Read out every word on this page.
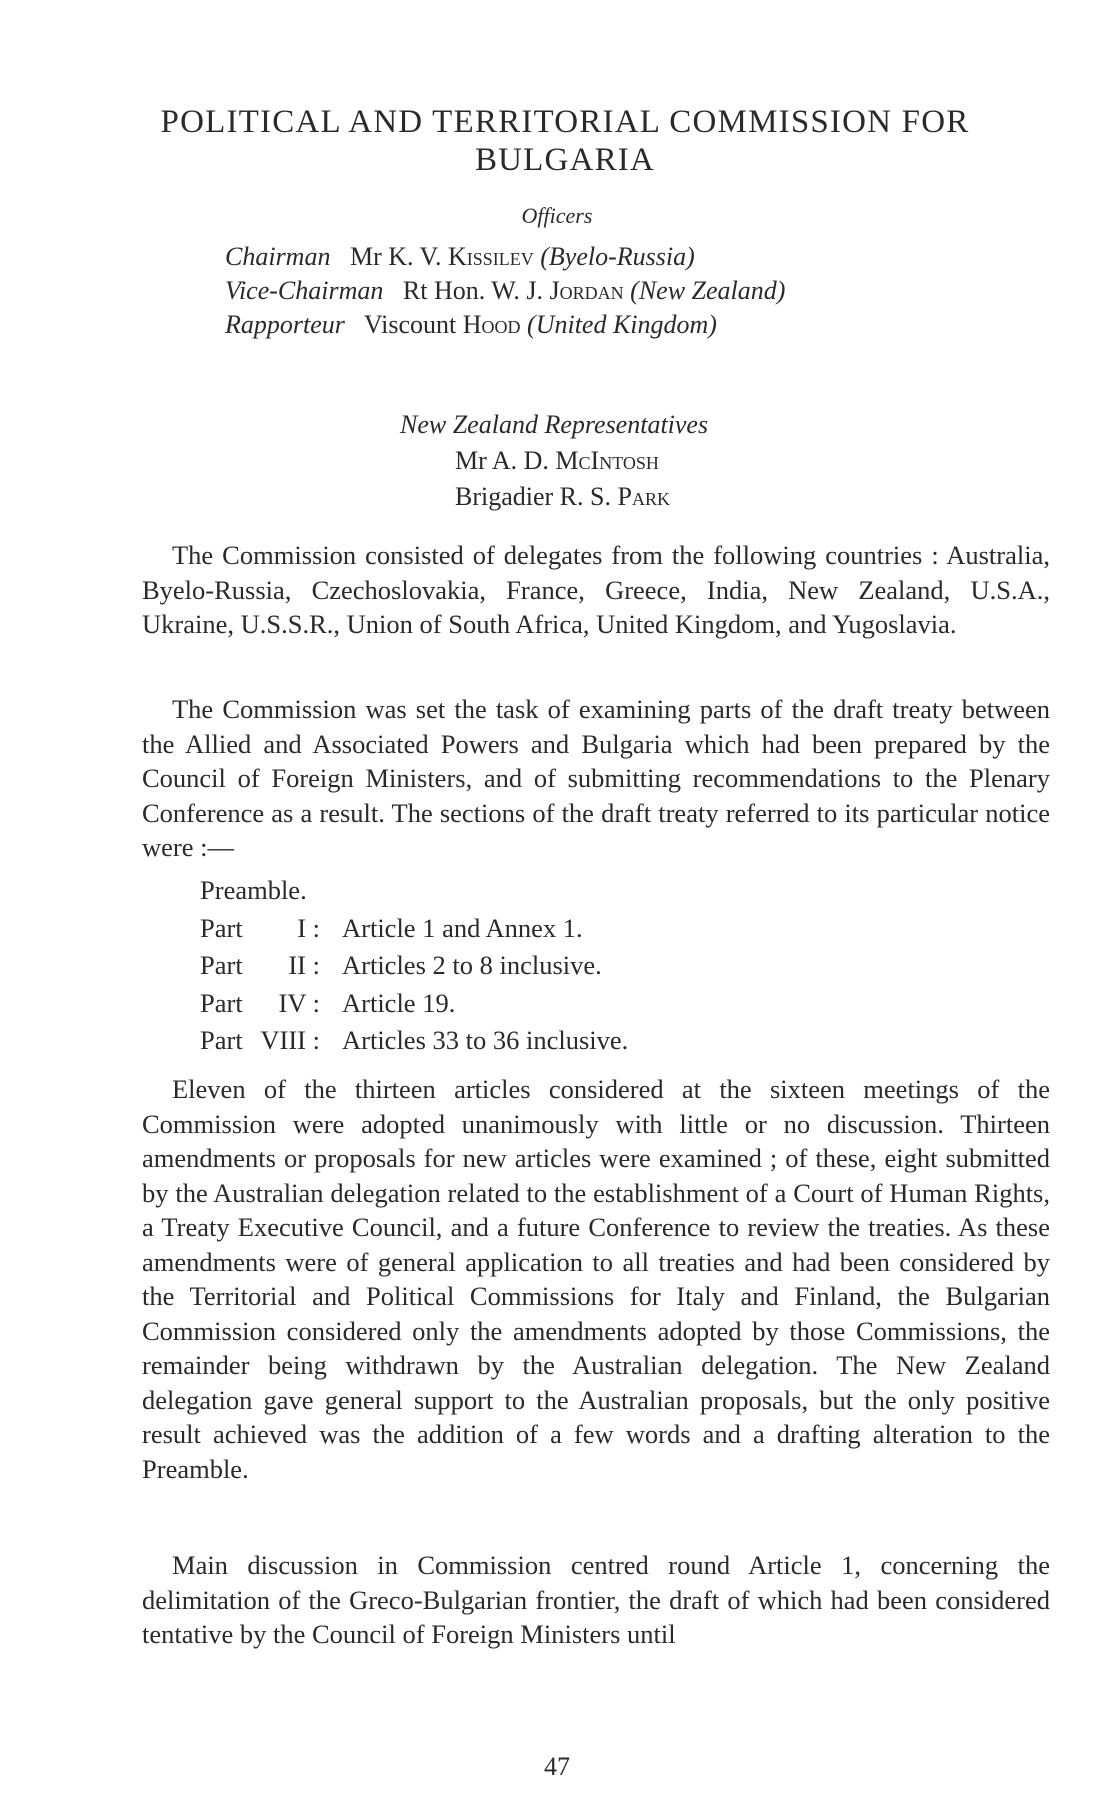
POLITICAL AND TERRITORIAL COMMISSION FOR
BULGARIA
Officers
Chairman Mr K. V. Kissilev (Byelo-Russia)
Vice-Chairman Rt Hon. W. J. Jordan (New Zealand)
Rapporteur Viscount Hood (United Kingdom)
New Zealand Representatives
Mr A. D. McIntosh
Brigadier R. S. Park

The Commission consisted of delegates from the following countries : Australia, Byelo-Russia, Czechoslovakia, France, Greece, India, New Zealand, U.S.A., Ukraine, U.S.S.R., Union of South Africa, United Kingdom, and Yugoslavia.

The Commission was set the task of examining parts of the draft treaty between the Allied and Associated Powers and Bulgaria which had been prepared by the Council of Foreign Ministers, and of submitting recommendations to the Plenary Conference as a result. The sections of the draft treaty referred to its particular notice were :—

Preamble.
Part I : Article 1 and Annex 1.
Part II : Articles 2 to 8 inclusive.
Part IV : Article 19.
Part VIII : Articles 33 to 36 inclusive.

Eleven of the thirteen articles considered at the sixteen meetings of the Commission were adopted unanimously with little or no discussion. Thirteen amendments or proposals for new articles were examined ; of these, eight submitted by the Australian delegation related to the establishment of a Court of Human Rights, a Treaty Executive Council, and a future Conference to review the treaties. As these amendments were of general application to all treaties and had been considered by the Territorial and Political Commissions for Italy and Finland, the Bulgarian Commission considered only the amendments adopted by those Commissions, the remainder being withdrawn by the Australian delegation. The New Zealand delegation gave general support to the Australian proposals, but the only positive result achieved was the addition of a few words and a drafting alteration to the Preamble.

Main discussion in Commission centred round Article 1, concerning the delimitation of the Greco-Bulgarian frontier, the draft of which had been considered tentative by the Council of Foreign Ministers until

47
